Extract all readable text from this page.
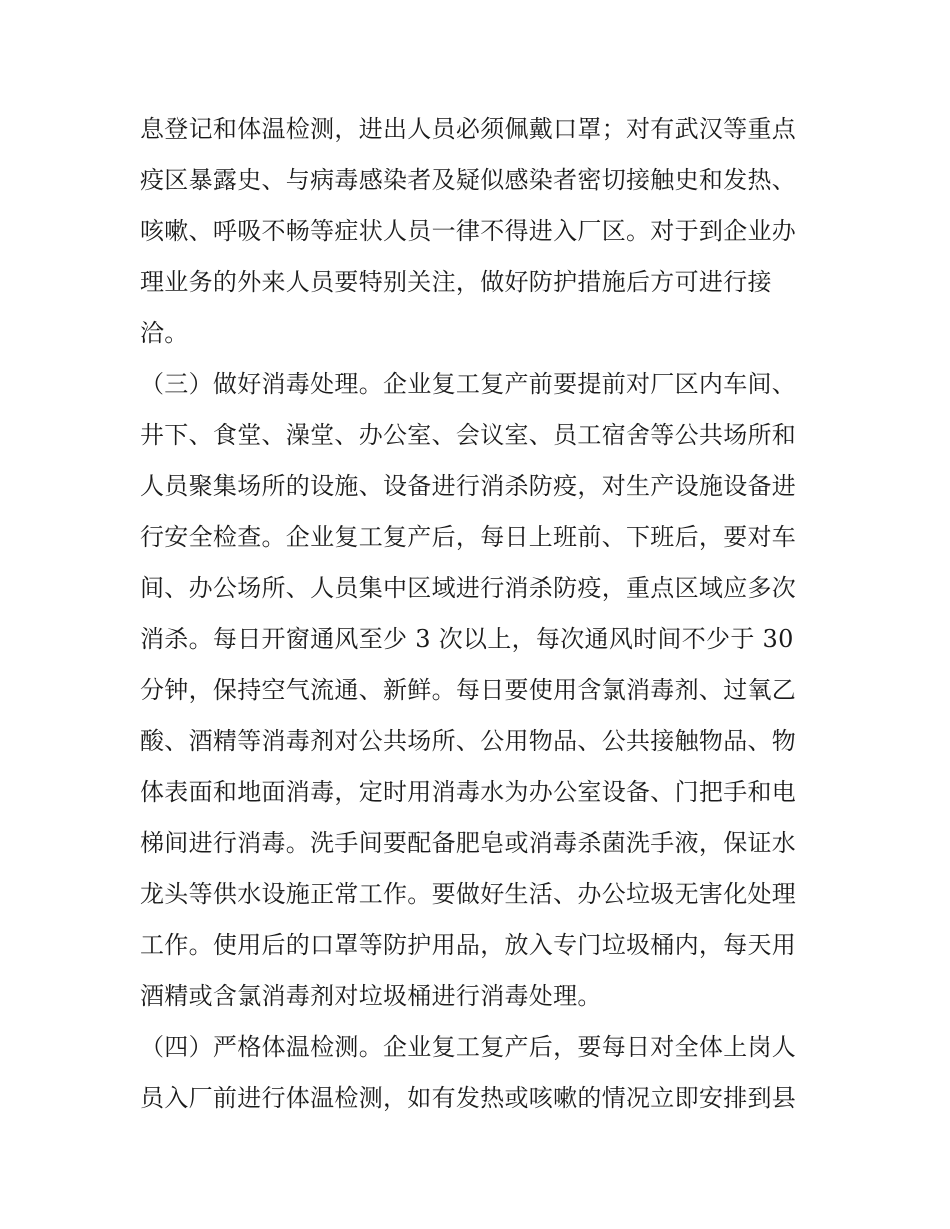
息登记和体温检测，进出人员必须佩戴口罩；对有武汉等重点
疫区暴露史、与病毒感染者及疑似感染者密切接触史和发热、
咳嗽、呼吸不畅等症状人员一律不得进入厂区。对于到企业办
理业务的外来人员要特别关注，做好防护措施后方可进行接
洽。
（三）做好消毒处理。企业复工复产前要提前对厂区内车间、
井下、食堂、澡堂、办公室、会议室、员工宿舍等公共场所和
人员聚集场所的设施、设备进行消杀防疫，对生产设施设备进
行安全检查。企业复工复产后，每日上班前、下班后，要对车
间、办公场所、人员集中区域进行消杀防疫，重点区域应多次
消杀。每日开窗通风至少 3 次以上，每次通风时间不少于 30
分钟，保持空气流通、新鲜。每日要使用含氯消毒剂、过氧乙
酸、酒精等消毒剂对公共场所、公用物品、公共接触物品、物
体表面和地面消毒，定时用消毒水为办公室设备、门把手和电
梯间进行消毒。洗手间要配备肥皂或消毒杀菌洗手液，保证水
龙头等供水设施正常工作。要做好生活、办公垃圾无害化处理
工作。使用后的口罩等防护用品，放入专门垃圾桶内，每天用
酒精或含氯消毒剂对垃圾桶进行消毒处理。
（四）严格体温检测。企业复工复产后，要每日对全体上岗人
员入厂前进行体温检测，如有发热或咳嗽的情况立即安排到县
